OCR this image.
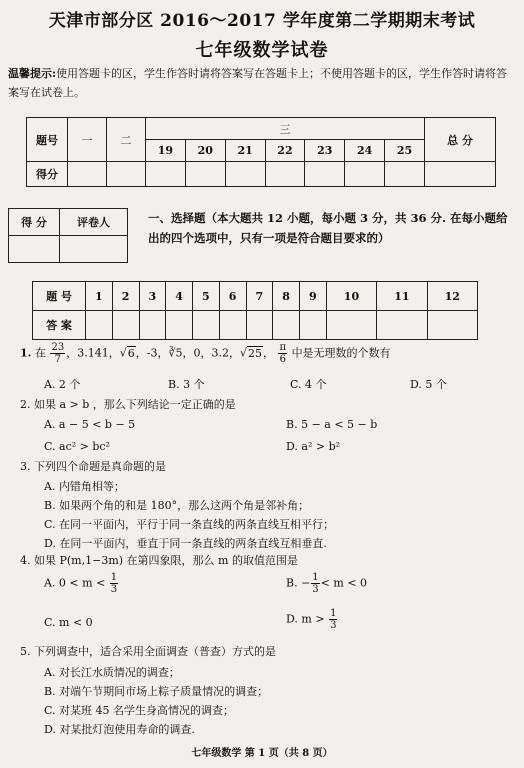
天津市部分区 2016～2017 学年度第二学期期末考试
七年级数学试卷
温馨提示:使用答题卡的区，学生作答时请将答案写在答题卡上；不使用答题卡的区，学生作答时请将答案写在试卷上。
题号	一	二	三							总 分
			19	20	21	22	23	24	25	
得分										
得 分	评卷人
		一、选择题（本大题共 12 小题，每小题 3 分，共 36 分. 在每小题给出的四个选项中，只有一项是符合题目要求的）
题 号	1	2	3	4	5	6	7	8	9	10	11	12
答 案												
1. 在 $\frac{23}{7}$ ，3.141，√6，-3，∛5，0，3.2，√25， $\frac{\pi}{6}$ 中是无理数的个数有
A. 2 个	B. 3 个	C. 4 个	D. 5 个
2. 如果 a > b ，那么下列结论一定正确的是
A. a − 5 < b − 5	B. 5 − a < 5 − b
C. ac² > bc²	D. a² > b²
3. 下列四个命题是真命题的是
A. 内错角相等；
B. 如果两个角的和是 180°，那么这两个角是邻补角；
C. 在同一平面内，平行于同一条直线的两条直线互相平行；
D. 在同一平面内，垂直于同一条直线的两条直线互相垂直.
4. 如果 P(m,1−3m) 在第四象限，那么 m 的取值范围是
A. $0 < m < \frac{1}{3}$	B. − $\frac{1}{3} < m < 0$
C. m < 0	D. $m > \frac{1}{3}$
5. 下列调查中，适合采用全面调查（普查）方式的是
A. 对长江水质情况的调查；
B. 对端午节期间市场上粽子质量情况的调查；
C. 对某班 45 名学生身高情况的调查；
D. 对某批灯泡使用寿命的调查.
七年级数学 第 1 页（共 8 页）
